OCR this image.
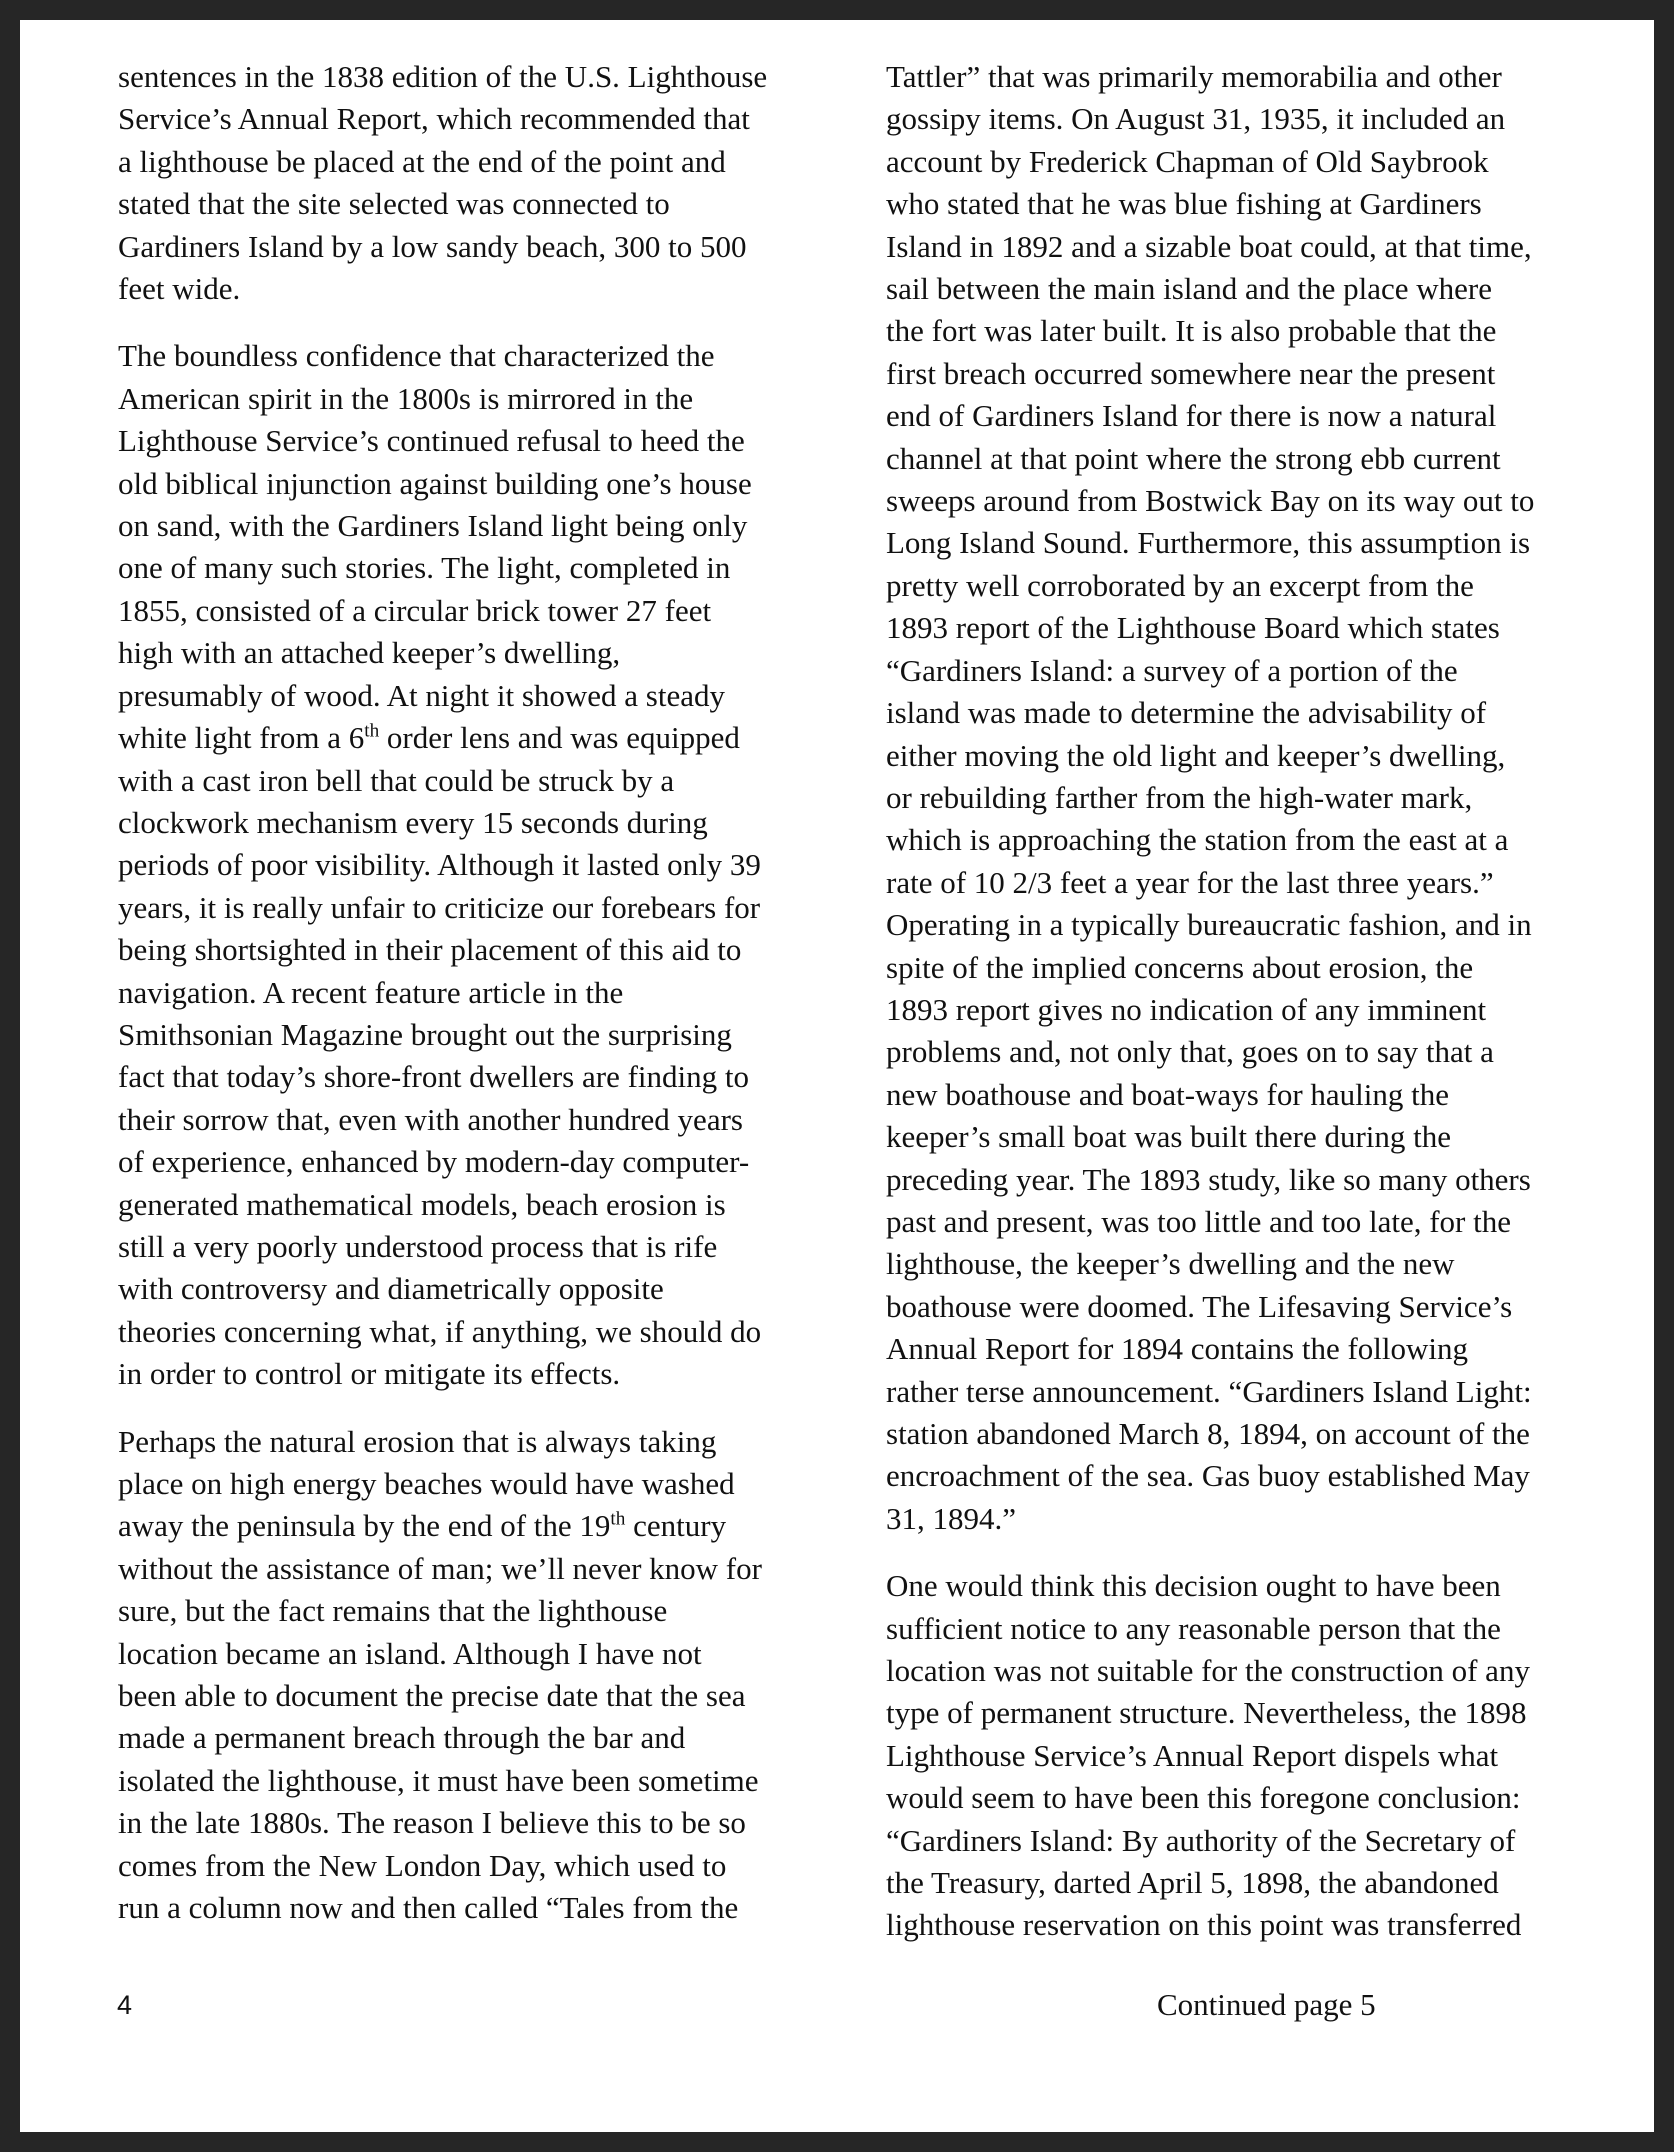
sentences in the 1838 edition of the U.S. Lighthouse
Service’s Annual Report, which recommended that
a lighthouse be placed at the end of the point and
stated that the site selected was connected to
Gardiners Island by a low sandy beach, 300 to 500
feet wide.

The boundless confidence that characterized the
American spirit in the 1800s is mirrored in the
Lighthouse Service’s continued refusal to heed the
old biblical injunction against building one’s house
on sand, with the Gardiners Island light being only
one of many such stories. The light, completed in
1855, consisted of a circular brick tower 27 feet
high with an attached keeper’s dwelling,
presumably of wood. At night it showed a steady
white light from a 6th order lens and was equipped
with a cast iron bell that could be struck by a
clockwork mechanism every 15 seconds during
periods of poor visibility. Although it lasted only 39
years, it is really unfair to criticize our forebears for
being shortsighted in their placement of this aid to
navigation. A recent feature article in the
Smithsonian Magazine brought out the surprising
fact that today’s shore-front dwellers are finding to
their sorrow that, even with another hundred years
of experience, enhanced by modern-day computer-
generated mathematical models, beach erosion is
still a very poorly understood process that is rife
with controversy and diametrically opposite
theories concerning what, if anything, we should do
in order to control or mitigate its effects.

Perhaps the natural erosion that is always taking
place on high energy beaches would have washed
away the peninsula by the end of the 19th century
without the assistance of man; we’ll never know for
sure, but the fact remains that the lighthouse
location became an island. Although I have not
been able to document the precise date that the sea
made a permanent breach through the bar and
isolated the lighthouse, it must have been sometime
in the late 1880s. The reason I believe this to be so
comes from the New London Day, which used to
run a column now and then called “Tales from the

Tattler” that was primarily memorabilia and other
gossipy items. On August 31, 1935, it included an
account by Frederick Chapman of Old Saybrook
who stated that he was blue fishing at Gardiners
Island in 1892 and a sizable boat could, at that time,
sail between the main island and the place where
the fort was later built. It is also probable that the
first breach occurred somewhere near the present
end of Gardiners Island for there is now a natural
channel at that point where the strong ebb current
sweeps around from Bostwick Bay on its way out to
Long Island Sound. Furthermore, this assumption is
pretty well corroborated by an excerpt from the
1893 report of the Lighthouse Board which states
“Gardiners Island: a survey of a portion of the
island was made to determine the advisability of
either moving the old light and keeper’s dwelling,
or rebuilding farther from the high-water mark,
which is approaching the station from the east at a
rate of 10 2/3 feet a year for the last three years.”
Operating in a typically bureaucratic fashion, and in
spite of the implied concerns about erosion, the
1893 report gives no indication of any imminent
problems and, not only that, goes on to say that a
new boathouse and boat-ways for hauling the
keeper’s small boat was built there during the
preceding year. The 1893 study, like so many others
past and present, was too little and too late, for the
lighthouse, the keeper’s dwelling and the new
boathouse were doomed. The Lifesaving Service’s
Annual Report for 1894 contains the following
rather terse announcement. “Gardiners Island Light:
station abandoned March 8, 1894, on account of the
encroachment of the sea. Gas buoy established May
31, 1894.”

One would think this decision ought to have been
sufficient notice to any reasonable person that the
location was not suitable for the construction of any
type of permanent structure. Nevertheless, the 1898
Lighthouse Service’s Annual Report dispels what
would seem to have been this foregone conclusion:
“Gardiners Island: By authority of the Secretary of
the Treasury, darted April 5, 1898, the abandoned
lighthouse reservation on this point was transferred

4	Continued page 5
